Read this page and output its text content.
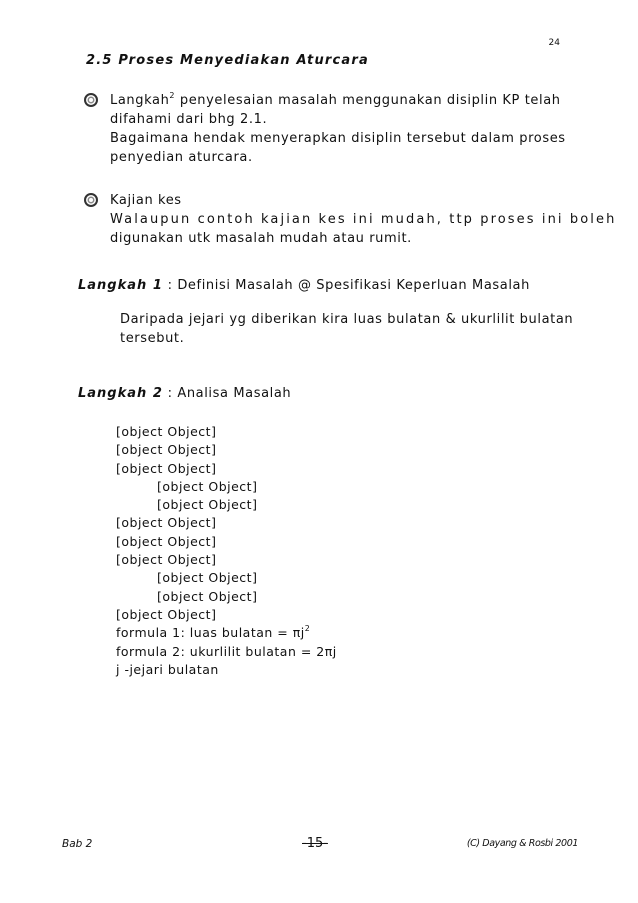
24
2.5 Proses Menyediakan Aturcara
Langkah$^2$ penyelesaian masalah menggunakan disiplin KP telah
difahami dari bhg 2.1.
Bagaimana hendak menyerapkan disiplin tersebut dalam proses
penyedian aturcara.
Kajian kes
Walaupun contoh kajian kes ini mudah, ttp proses ini boleh
digunakan utk masalah mudah atau rumit.
Langkah 1 : Definisi Masalah @ Spesifikasi Keperluan Masalah
Daripada jejari yg diberikan kira luas bulatan & ukurlilit bulatan
tersebut.
Langkah 2 : Analisa Masalah
[object Object]
[object Object]
[object Object]
[object Object]
[object Object]
[object Object]
[object Object]
[object Object]
[object Object]
[object Object]
[object Object]
formula 1: luas bulatan = $\pi j^2$
formula 2: ukurlilit bulatan = 2πj
j -jejari bulatan
Bab 2	-15-	(C) Dayang & Rosbi 2001
